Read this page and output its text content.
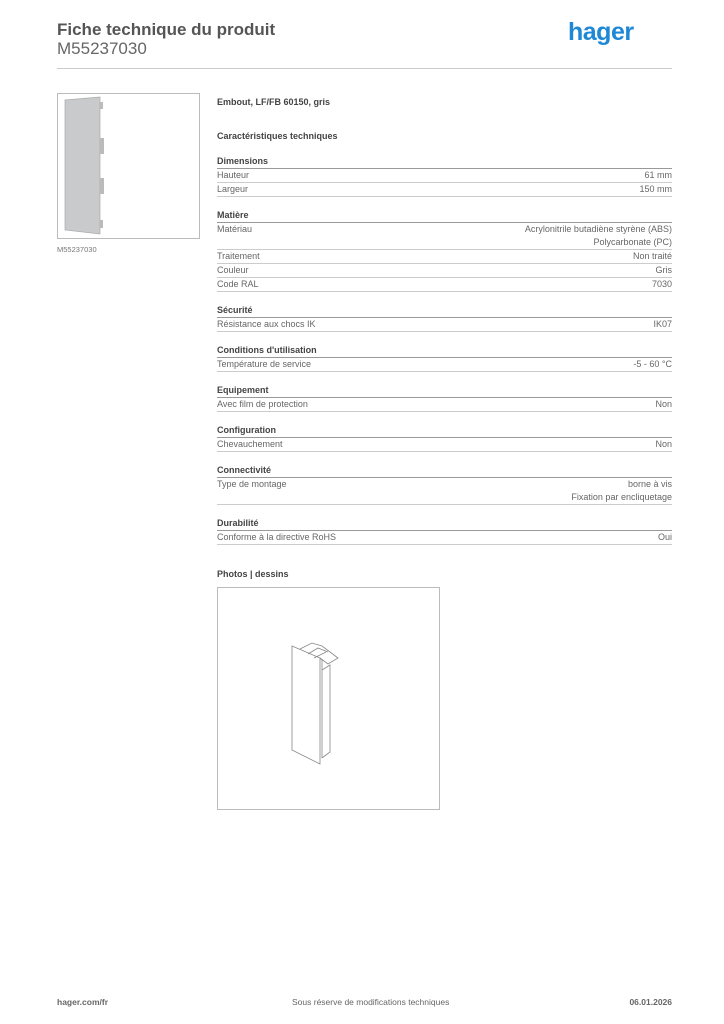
Fiche technique du produit
M55237030
hager
M55237030
Embout, LF/FB 60150, gris
Caractéristiques techniques
Dimensions
Hauteur	61 mm
Largeur	150 mm
Matière
Matériau	Acrylonitrile butadiène styrène (ABS)
Polycarbonate (PC)
Traitement	Non traité
Couleur	Gris
Code RAL	7030
Sécurité
Résistance aux chocs IK	IK07
Conditions d'utilisation
Température de service	-5 - 60 °C
Equipement
Avec film de protection	Non
Configuration
Chevauchement	Non
Connectivité
Type de montage	borne à vis
Fixation par encliquetage
Durabilité
Conforme à la directive RoHS	Oui
Photos | dessins
hager.com/fr	Sous réserve de modifications techniques	06.01.2026
